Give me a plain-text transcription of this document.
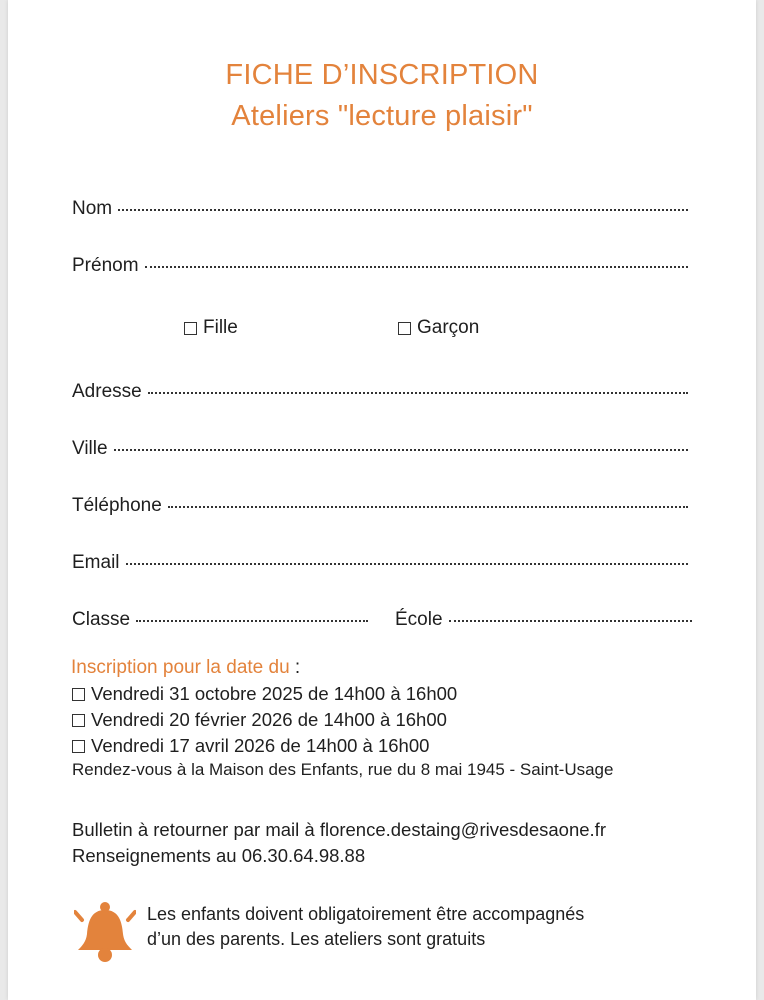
FICHE D’INSCRIPTION
Ateliers "lecture plaisir"
Nom
Prénom
Fille	Garçon
Adresse
Ville
Téléphone
Email
Classe	École
Inscription pour la date du :
Vendredi 31 octobre 2025 de 14h00 à 16h00
Vendredi 20 février 2026 de 14h00 à 16h00
Vendredi 17 avril 2026 de 14h00 à 16h00
Rendez-vous à la Maison des Enfants, rue du 8 mai 1945 - Saint-Usage
Bulletin à retourner par mail à florence.destaing@rivesdesaone.fr
Renseignements au 06.30.64.98.88
Les enfants doivent obligatoirement être accompagnés
d’un des parents. Les ateliers sont gratuits
